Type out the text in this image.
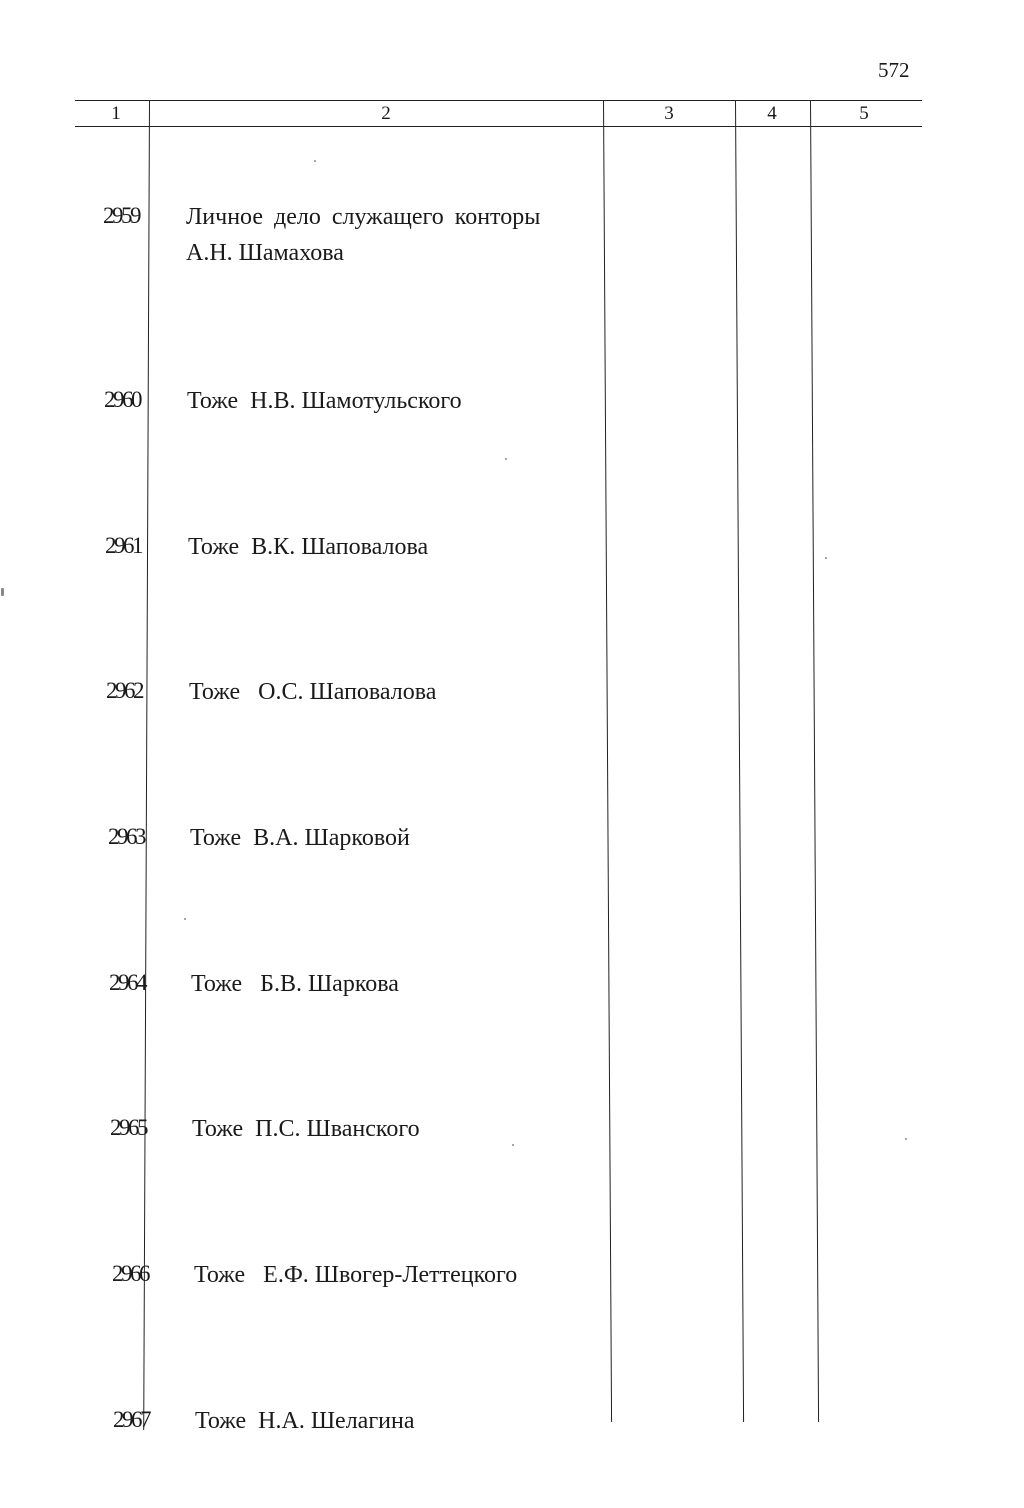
572
1	2	3	4	5
2959 Личное дело служащего конторы
А.Н. Шамахова
2960 Тоже  Н.В. Шамотульского
2961 Тоже  В.К. Шаповалова
2962 Тоже   О.С. Шаповалова
2963 Тоже  В.А. Шарковой
2964 Тоже   Б.В. Шаркова
2965 Тоже  П.С. Шванского
2966 Тоже   Е.Ф. Швогер-Леттецкого
2967 Тоже  Н.А. Шелагина
